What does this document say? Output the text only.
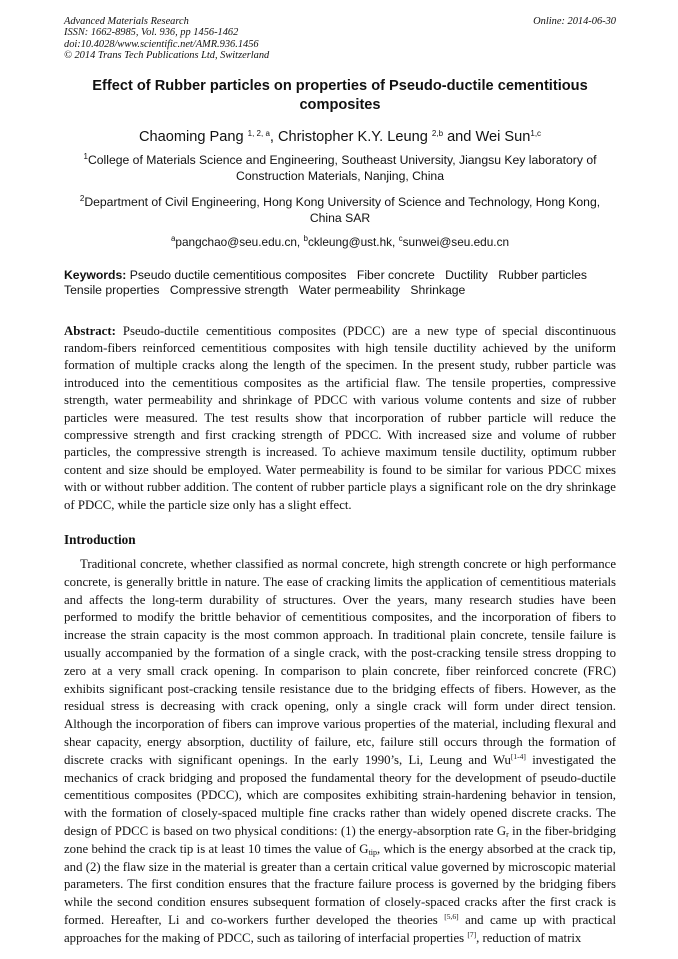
Advanced Materials Research
ISSN: 1662-8985, Vol. 936, pp 1456-1462
doi:10.4028/www.scientific.net/AMR.936.1456
© 2014 Trans Tech Publications Ltd, Switzerland
Online: 2014-06-30
Effect of Rubber particles on properties of Pseudo-ductile cementitious composites
Chaoming Pang $^{1, 2, a}$, Christopher K.Y. Leung $^{2,b}$ and Wei Sun$^{1,c}$
$^1$College of Materials Science and Engineering, Southeast University, Jiangsu Key laboratory of Construction Materials, Nanjing, China
$^2$Department of Civil Engineering, Hong Kong University of Science and Technology, Hong Kong, China SAR
$^a$pangchao@seu.edu.cn, $^b$ckleung@ust.hk, $^c$sunwei@seu.edu.cn
Keywords: Pseudo ductile cementitious composites Fiber concrete Ductility Rubber particles Tensile properties Compressive strength Water permeability Shrinkage
Abstract: Pseudo-ductile cementitious composites (PDCC) are a new type of special discontinuous random-fibers reinforced cementitious composites with high tensile ductility achieved by the uniform formation of multiple cracks along the length of the specimen. In the present study, rubber particle was introduced into the cementitious composites as the artificial flaw. The tensile properties, compressive strength, water permeability and shrinkage of PDCC with various volume contents and size of rubber particles were measured. The test results show that incorporation of rubber particle will reduce the compressive strength and first cracking strength of PDCC. With increased size and volume of rubber particles, the compressive strength is increased. To achieve maximum tensile ductility, optimum rubber content and size should be employed. Water permeability is found to be similar for various PDCC mixes with or without rubber addition. The content of rubber particle plays a significant role on the dry shrinkage of PDCC, while the particle size only has a slight effect.
Introduction
Traditional concrete, whether classified as normal concrete, high strength concrete or high performance concrete, is generally brittle in nature. The ease of cracking limits the application of cementitious materials and affects the long-term durability of structures. Over the years, many research studies have been performed to modify the brittle behavior of cementitious composites, and the incorporation of fibers to increase the strain capacity is the most common approach. In traditional plain concrete, tensile failure is usually accompanied by the formation of a single crack, with the post-cracking tensile stress dropping to zero at a very small crack opening. In comparison to plain concrete, fiber reinforced concrete (FRC) exhibits significant post-cracking tensile resistance due to the bridging effects of fibers. However, as the residual stress is decreasing with crack opening, only a single crack will form under direct tension. Although the incorporation of fibers can improve various properties of the material, including flexural and shear capacity, energy absorption, ductility of failure, etc, failure still occurs through the formation of discrete cracks with significant openings. In the early 1990’s, Li, Leung and Wu[1-4] investigated the mechanics of crack bridging and proposed the fundamental theory for the development of pseudo-ductile cementitious composites (PDCC), which are composites exhibiting strain-hardening behavior in tension, with the formation of closely-spaced multiple fine cracks rather than widely opened discrete cracks. The design of PDCC is based on two physical conditions: (1) the energy-absorption rate $G_r$ in the fiber-bridging zone behind the crack tip is at least 10 times the value of $G_{tip}$, which is the energy absorbed at the crack tip, and (2) the flaw size in the material is greater than a certain critical value governed by microscopic material parameters. The first condition ensures that the fracture failure process is governed by the bridging fibers while the second condition ensures subsequent formation of closely-spaced cracks after the first crack is formed. Hereafter, Li and co-workers further developed the theories [5,6] and came up with practical approaches for the making of PDCC, such as tailoring of interfacial properties [7], reduction of matrix
